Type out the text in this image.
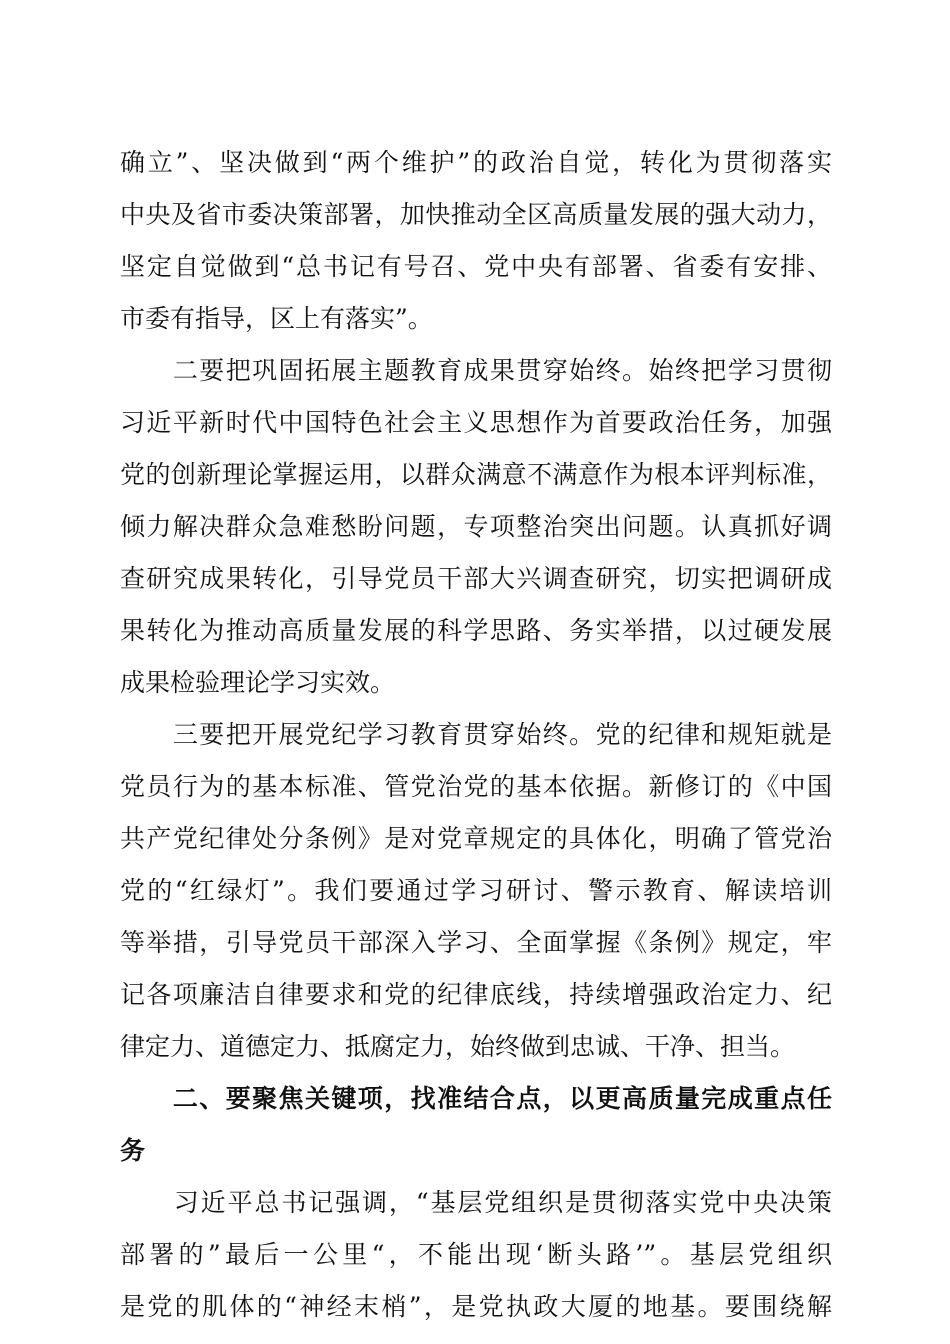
确立”、坚决做到“两个维护”的政治自觉，转化为贯彻落实
中央及省市委决策部署，加快推动全区高质量发展的强大动力，
坚定自觉做到“总书记有号召、党中央有部署、省委有安排、
市委有指导，区上有落实”。
　　二要把巩固拓展主题教育成果贯穿始终。始终把学习贯彻
习近平新时代中国特色社会主义思想作为首要政治任务，加强
党的创新理论掌握运用，以群众满意不满意作为根本评判标准，
倾力解决群众急难愁盼问题，专项整治突出问题。认真抓好调
查研究成果转化，引导党员干部大兴调查研究，切实把调研成
果转化为推动高质量发展的科学思路、务实举措，以过硬发展
成果检验理论学习实效。
　　三要把开展党纪学习教育贯穿始终。党的纪律和规矩就是
党员行为的基本标准、管党治党的基本依据。新修订的《中国
共产党纪律处分条例》是对党章规定的具体化，明确了管党治
党的“红绿灯”。我们要通过学习研讨、警示教育、解读培训
等举措，引导党员干部深入学习、全面掌握《条例》规定，牢
记各项廉洁自律要求和党的纪律底线，持续增强政治定力、纪
律定力、道德定力、抵腐定力，始终做到忠诚、干净、担当。
　　二、要聚焦关键项，找准结合点，以更高质量完成重点任
务
　　习近平总书记强调，“基层党组织是贯彻落实党中央决策
部署的”最后一公里“，不能出现‘断头路’”。基层党组织
是党的肌体的“神经末梢”，是党执政大厦的地基。要围绕解
